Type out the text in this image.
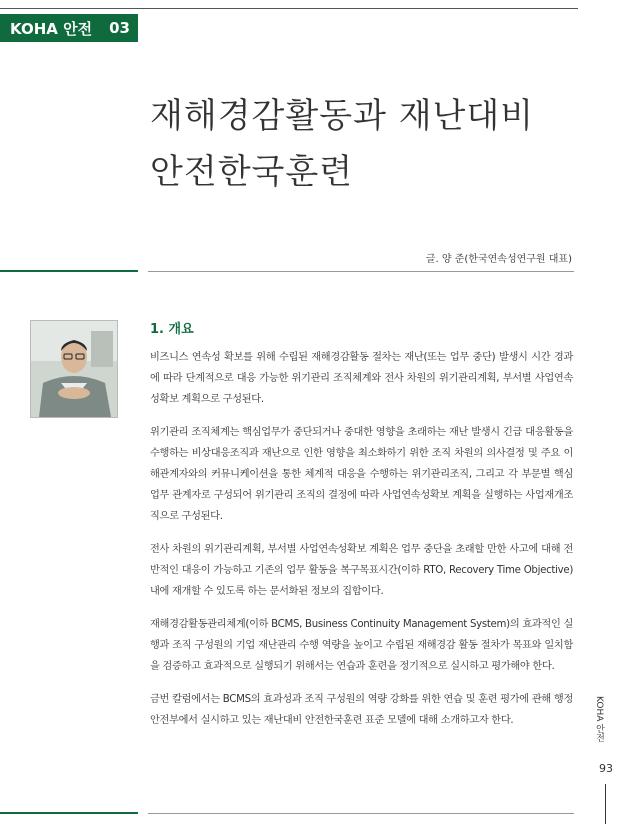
KOHA 안전 03
재해경감활동과 재난대비
안전한국훈련
글. 양 준(한국연속성연구원 대표)
1. 개요

비즈니스 연속성 확보를 위해 수립된 재해경감활동 절차는 재난(또는 업무 중단) 발생시 시간 경과에 따라 단계적으로 대응 가능한 위기관리 조직체계와 전사 차원의 위기관리계획, 부서별 사업연속성확보 계획으로 구성된다.

위기관리 조직체계는 핵심업무가 중단되거나 중대한 영향을 초래하는 재난 발생시 긴급 대응활동을 수행하는 비상대응조직과 재난으로 인한 영향을 최소화하기 위한 조직 차원의 의사결정 및 주요 이해관계자와의 커뮤니케이션을 통한 체계적 대응을 수행하는 위기관리조직, 그리고 각 부문별 핵심업무 관계자로 구성되어 위기관리 조직의 결정에 따라 사업연속성확보 계획을 실행하는 사업재개조직으로 구성된다.

전사 차원의 위기관리계획, 부서별 사업연속성확보 계획은 업무 중단을 초래할 만한 사고에 대해 전반적인 대응이 가능하고 기존의 업무 활동을 복구목표시간(이하 RTO, Recovery Time Objective) 내에 재개할 수 있도록 하는 문서화된 정보의 집합이다.

재해경감활동관리체계(이하 BCMS, Business Continuity Management System)의 효과적인 실행과 조직 구성원의 기업 재난관리 수행 역량을 높이고 수립된 재해경감 활동 절차가 목표와 일치함을 검증하고 효과적으로 실행되기 위해서는 연습과 훈련을 정기적으로 실시하고 평가해야 한다.

금번 칼럼에서는 BCMS의 효과성과 조직 구성원의 역량 강화를 위한 연습 및 훈련 평가에 관해 행정안전부에서 실시하고 있는 재난대비 안전한국훈련 표준 모델에 대해 소개하고자 한다.	KOHA 안전
93
